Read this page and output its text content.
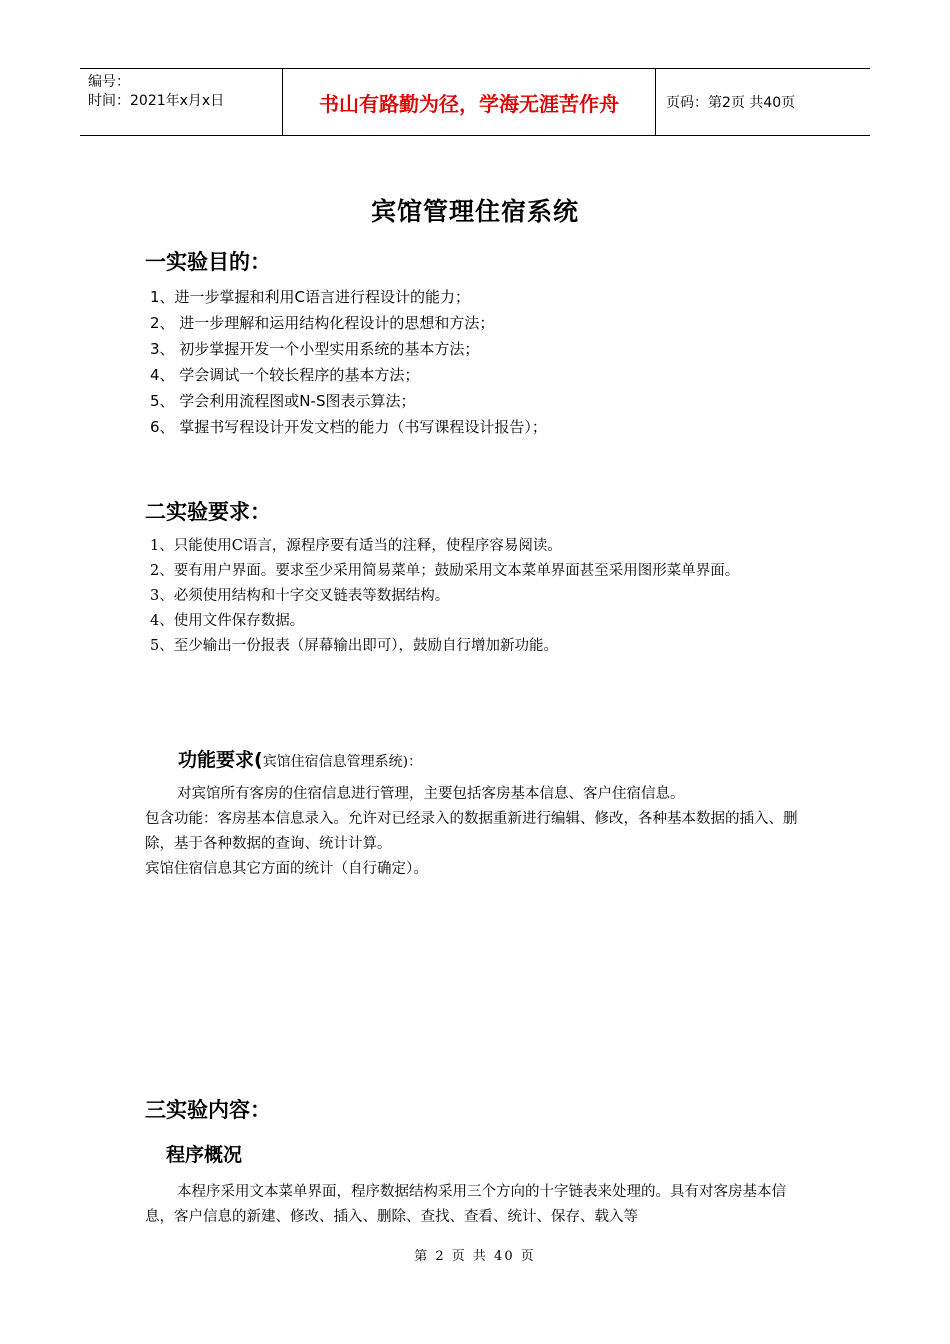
编号：
时间：2021年x月x日	书山有路勤为径，学海无涯苦作舟	页码：第2页 共40页
宾馆管理住宿系统
一实验目的：
1、进一步掌握和利用C语言进行程设计的能力；
2、 进一步理解和运用结构化程设计的思想和方法；
3、 初步掌握开发一个小型实用系统的基本方法；
4、 学会调试一个较长程序的基本方法；
5、 学会利用流程图或N-S图表示算法；
6、 掌握书写程设计开发文档的能力（书写课程设计报告）；
二实验要求：
1、只能使用C语言，源程序要有适当的注释，使程序容易阅读。
2、要有用户界面。要求至少采用简易菜单；鼓励采用文本菜单界面甚至采用图形菜单界面。
3、必须使用结构和十字交叉链表等数据结构。
4、使用文件保存数据。
5、至少输出一份报表（屏幕输出即可），鼓励自行增加新功能。
功能要求(宾馆住宿信息管理系统)：
对宾馆所有客房的住宿信息进行管理，主要包括客房基本信息、客户住宿信息。
包含功能：客房基本信息录入。允许对已经录入的数据重新进行编辑、修改，各种基本数据的插入、删除，基于各种数据的查询、统计计算。
宾馆住宿信息其它方面的统计（自行确定）。
三实验内容：
程序概况
本程序采用文本菜单界面，程序数据结构采用三个方向的十字链表来处理的。具有对客房基本信息，客户信息的新建、修改、插入、删除、查找、查看、统计、保存、载入等
第 2 页 共 40 页
